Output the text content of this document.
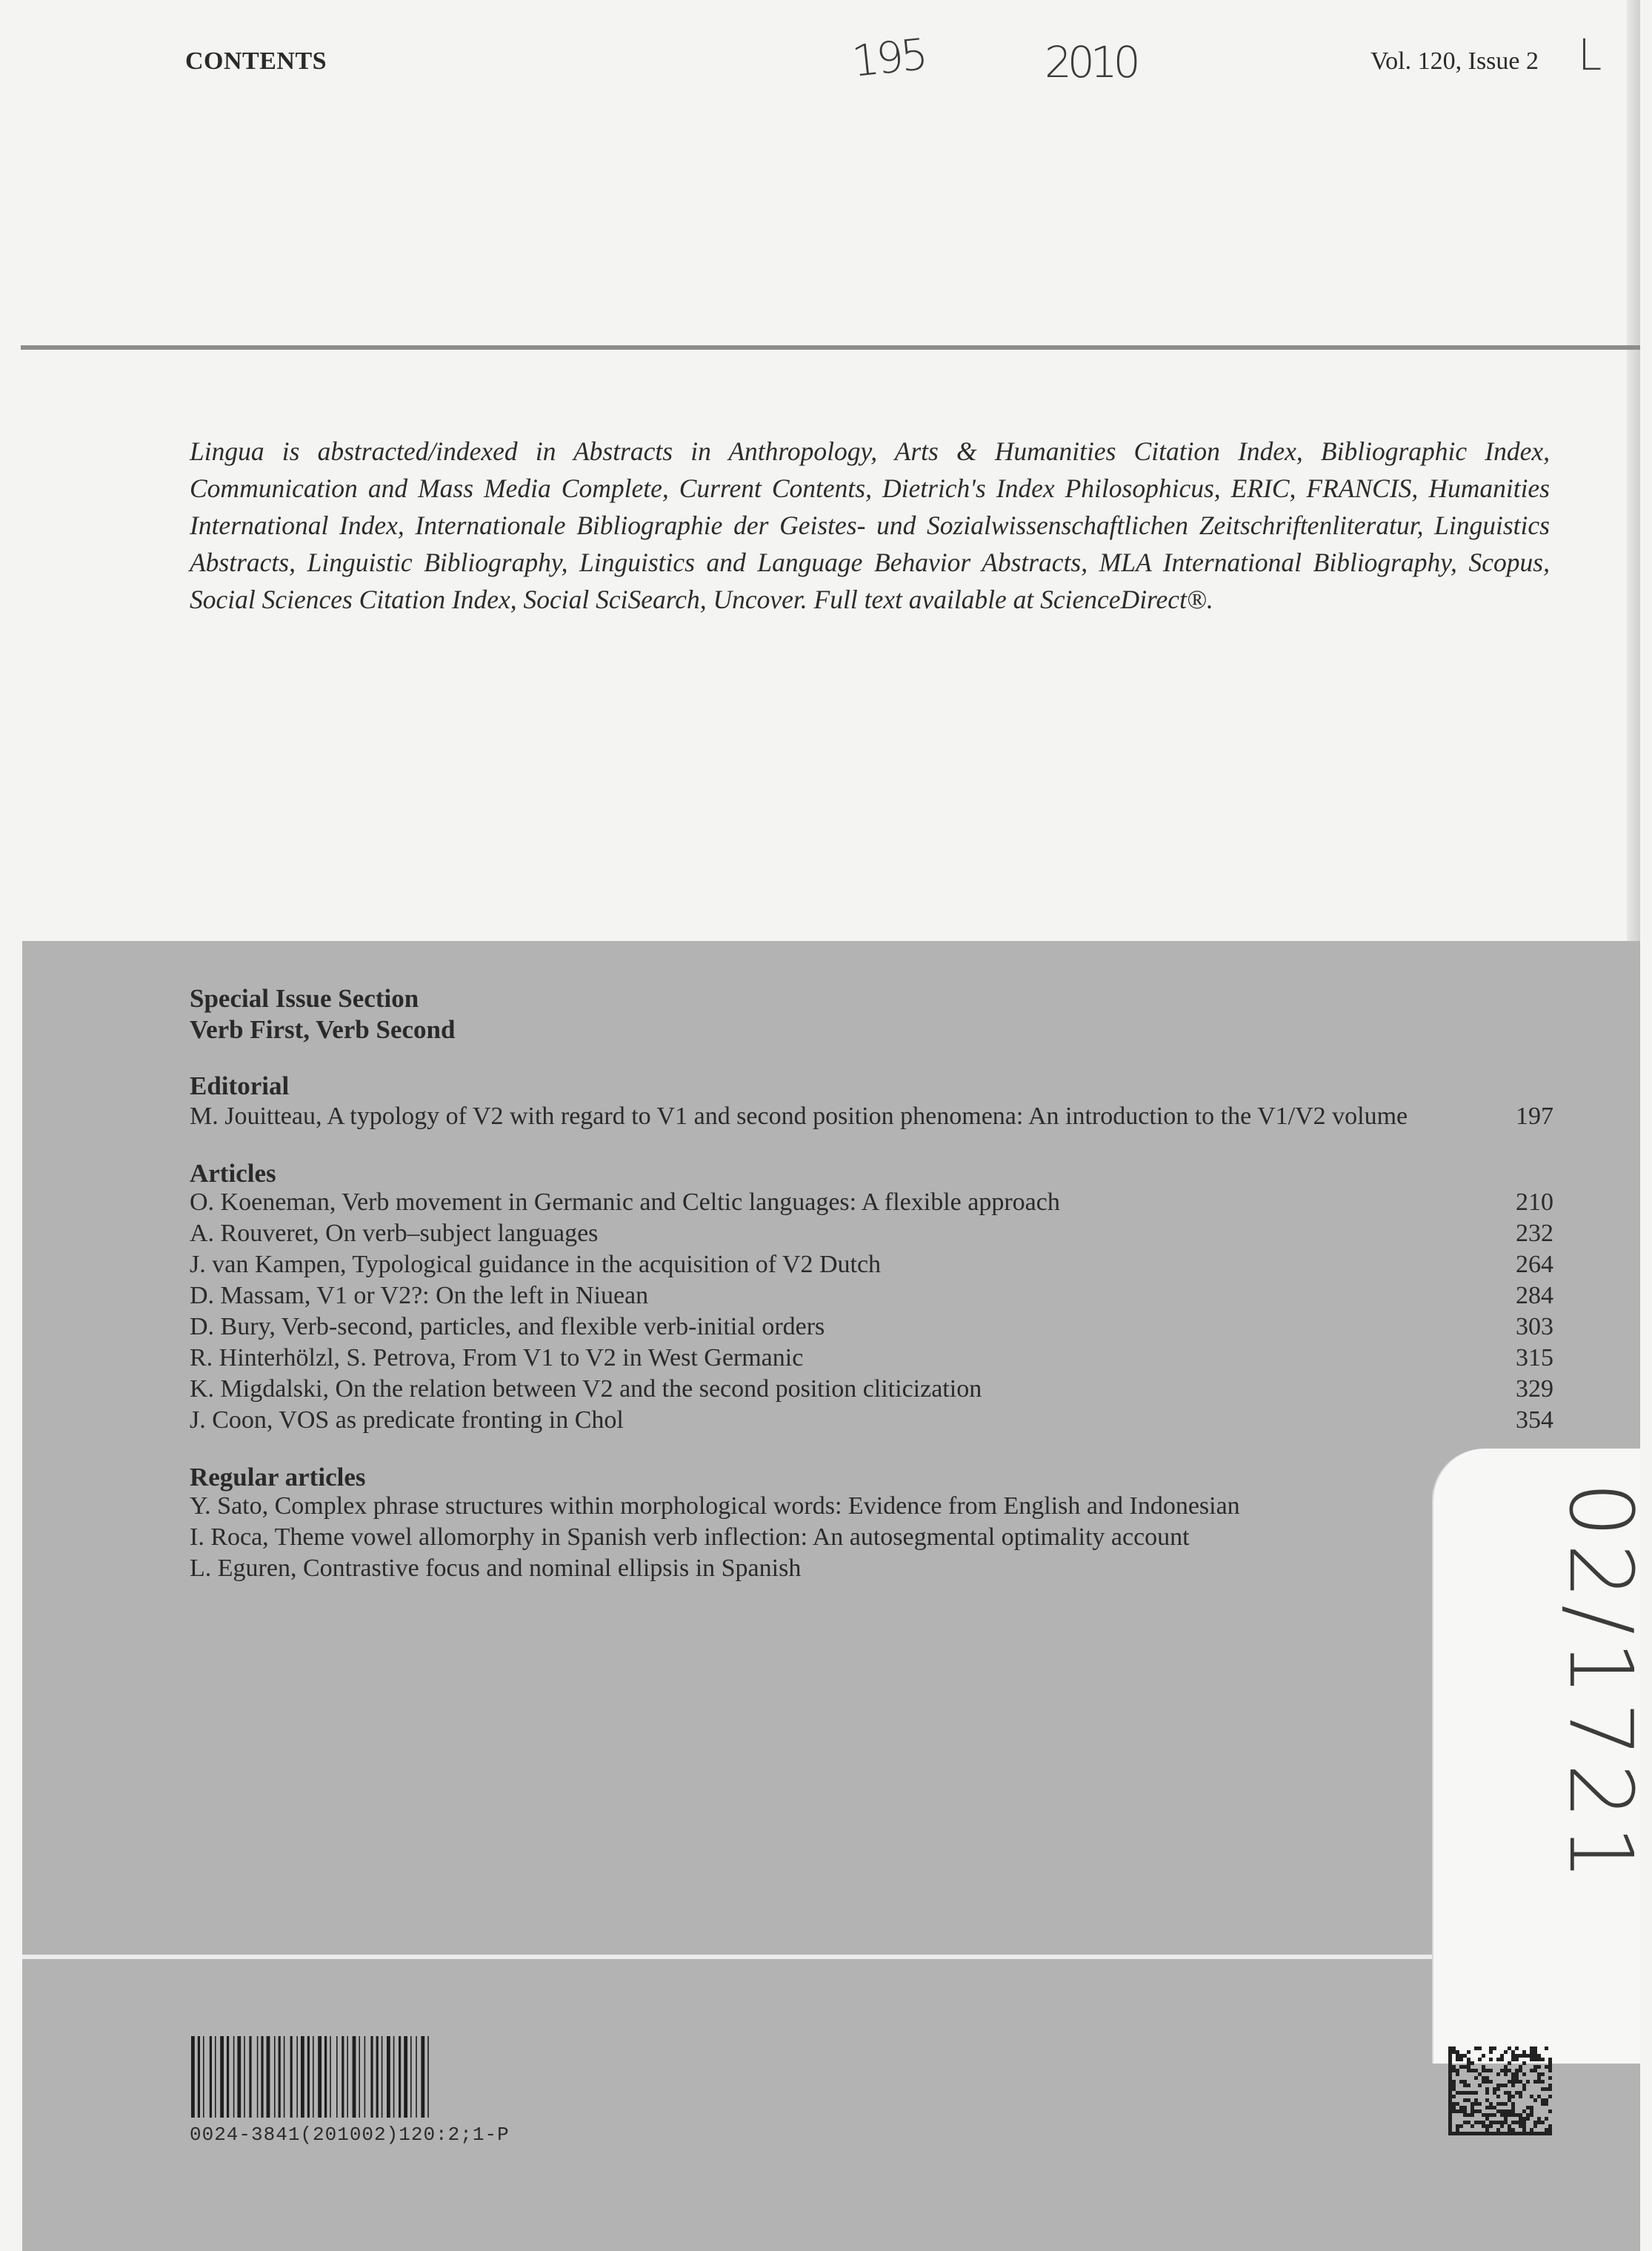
CONTENTS	195	2010	Vol. 120, Issue 2 L
Lingua is abstracted/indexed in Abstracts in Anthropology, Arts & Humanities Citation Index, Bibliographic Index, Communication and Mass Media Complete, Current Contents, Dietrich's Index Philosophicus, ERIC, FRANCIS, Humanities International Index, Internationale Bibliographie der Geistes- und Sozialwissenschaftlichen Zeitschriftenliteratur, Linguistics Abstracts, Linguistic Bibliography, Linguistics and Language Behavior Abstracts, MLA International Bibliography, Scopus, Social Sciences Citation Index, Social SciSearch, Uncover. Full text available at ScienceDirect®.
Special Issue Section
Verb First, Verb Second
Editorial
M. Jouitteau, A typology of V2 with regard to V1 and second position phenomena: An introduction to the V1/V2 volume	197
Articles
O. Koeneman, Verb movement in Germanic and Celtic languages: A flexible approach	210
A. Rouveret, On verb–subject languages	232
J. van Kampen, Typological guidance in the acquisition of V2 Dutch	264
D. Massam, V1 or V2?: On the left in Niuean	284
D. Bury, Verb-second, particles, and flexible verb-initial orders	303
R. Hinterhölzl, S. Petrova, From V1 to V2 in West Germanic	315
K. Migdalski, On the relation between V2 and the second position cliticization	329
J. Coon, VOS as predicate fronting in Chol	354
Regular articles
Y. Sato, Complex phrase structures within morphological words: Evidence from English and Indonesian
I. Roca, Theme vowel allomorphy in Spanish verb inflection: An autosegmental optimality account
L. Eguren, Contrastive focus and nominal ellipsis in Spanish	02/1721
0024-3841(201002)120:2;1-P
